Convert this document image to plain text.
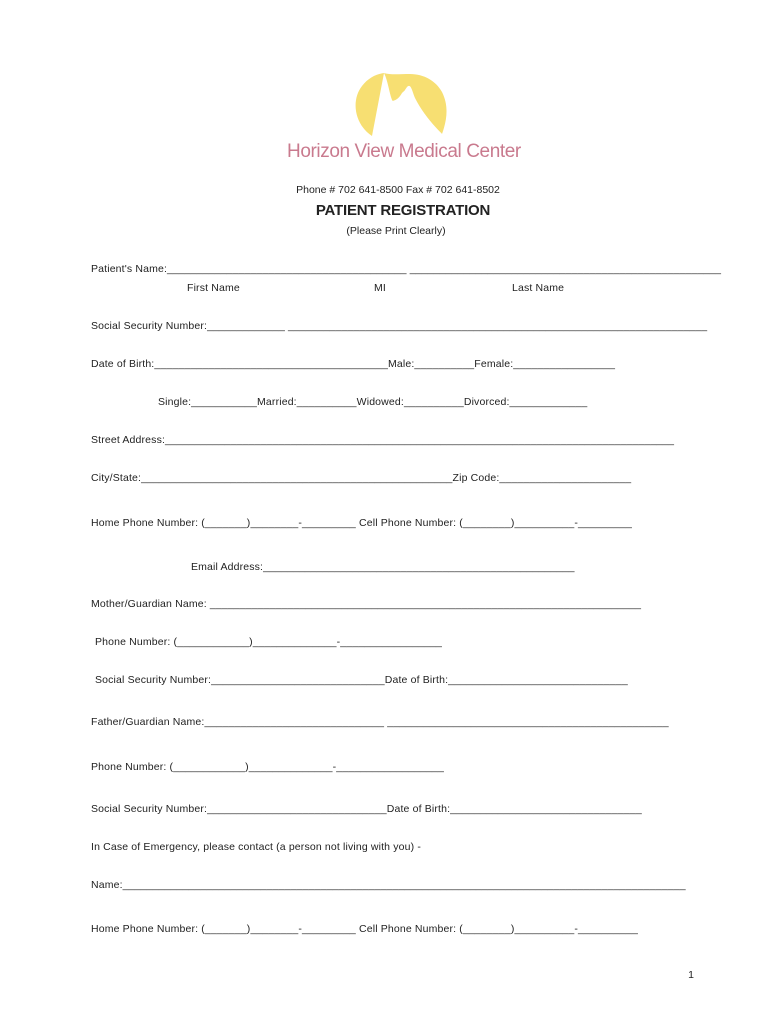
Horizon View Medical Center
Phone # 702 641-8500 Fax # 702 641-8502
PATIENT REGISTRATION
(Please Print Clearly)
Patient's Name:________________________________________ ____________________________________________________
First Name	MI	Last Name
Social Security Number:_____________ ______________________________________________________________________
Date of Birth:_______________________________________Male:__________Female:_________________
Single:___________Married:__________Widowed:__________Divorced:_____________
Street Address:_____________________________________________________________________________________
City/State:____________________________________________________Zip Code:______________________
Home Phone Number: (_______)________-_________ Cell Phone Number: (________)__________-_________
Email Address:____________________________________________________
Mother/Guardian Name: ________________________________________________________________________
Phone Number: (____________)______________-_________________
Social Security Number:_____________________________Date of Birth:______________________________
Father/Guardian Name:______________________________ _______________________________________________
Phone Number: (____________)______________-__________________
Social Security Number:______________________________Date of Birth:________________________________
In Case of Emergency, please contact (a person not living with you) -
Name:______________________________________________________________________________________________
Home Phone Number: (_______)________-_________ Cell Phone Number: (________)__________-__________
1
